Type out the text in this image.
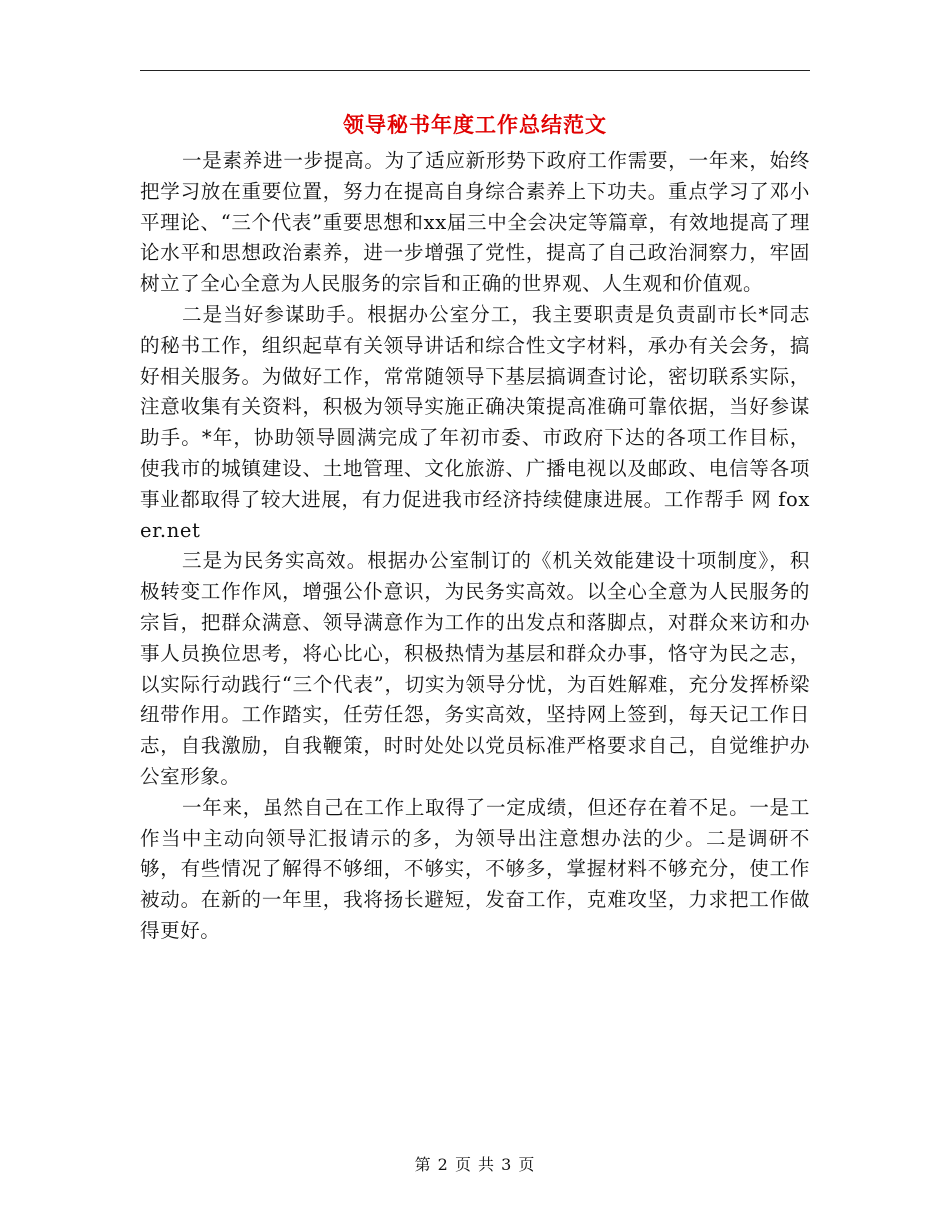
领导秘书年度工作总结范文

一是素养进一步提高。为了适应新形势下政府工作需要，一年来，始终把学习放在重要位置，努力在提高自身综合素养上下功夫。重点学习了邓小平理论、“三个代表”重要思想和xx届三中全会决定等篇章，有效地提高了理论水平和思想政治素养，进一步增强了党性，提高了自己政治洞察力，牢固树立了全心全意为人民服务的宗旨和正确的世界观、人生观和价值观。

二是当好参谋助手。根据办公室分工，我主要职责是负责副市长*同志的秘书工作，组织起草有关领导讲话和综合性文字材料，承办有关会务，搞好相关服务。为做好工作，常常随领导下基层搞调查讨论，密切联系实际，注意收集有关资料，积极为领导实施正确决策提高准确可靠依据，当好参谋助手。*年，协助领导圆满完成了年初市委、市政府下达的各项工作目标，使我市的城镇建设、土地管理、文化旅游、广播电视以及邮政、电信等各项事业都取得了较大进展，有力促进我市经济持续健康进展。工作帮手 网 foxer.net

三是为民务实高效。根据办公室制订的《机关效能建设十项制度》，积极转变工作作风，增强公仆意识，为民务实高效。以全心全意为人民服务的宗旨，把群众满意、领导满意作为工作的出发点和落脚点，对群众来访和办事人员换位思考，将心比心，积极热情为基层和群众办事，恪守为民之志，以实际行动践行“三个代表”，切实为领导分忧，为百姓解难，充分发挥桥梁纽带作用。工作踏实，任劳任怨，务实高效，坚持网上签到，每天记工作日志，自我激励，自我鞭策，时时处处以党员标准严格要求自己，自觉维护办公室形象。

一年来，虽然自己在工作上取得了一定成绩，但还存在着不足。一是工作当中主动向领导汇报请示的多，为领导出注意想办法的少。二是调研不够，有些情况了解得不够细，不够实，不够多，掌握材料不够充分，使工作被动。在新的一年里，我将扬长避短，发奋工作，克难攻坚，力求把工作做得更好。

第 2 页 共 3 页
